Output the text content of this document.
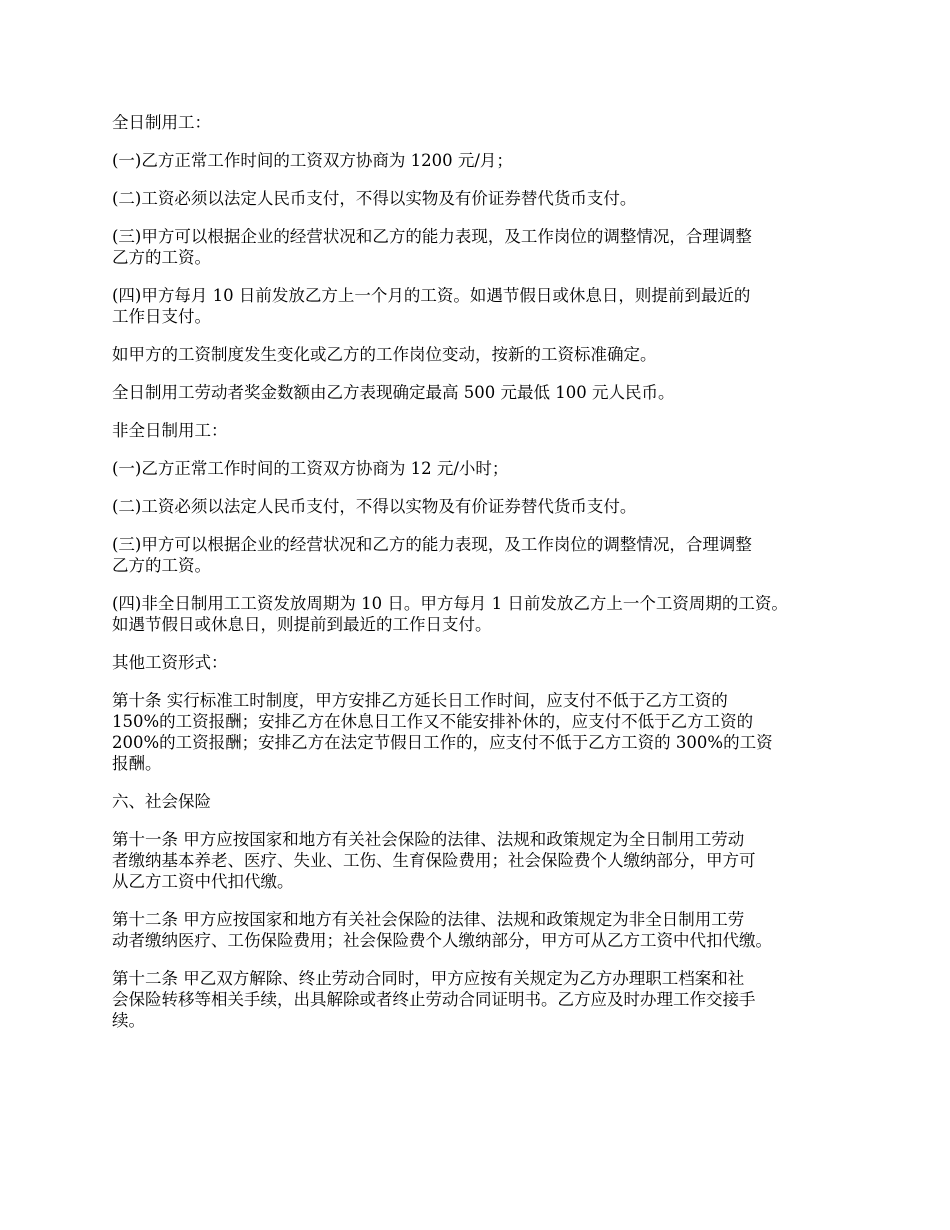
全日制用工：

(一)乙方正常工作时间的工资双方协商为 1200 元/月；

(二)工资必须以法定人民币支付，不得以实物及有价证券替代货币支付。

(三)甲方可以根据企业的经营状况和乙方的能力表现，及工作岗位的调整情况，合理调整
乙方的工资。

(四)甲方每月 10 日前发放乙方上一个月的工资。如遇节假日或休息日，则提前到最近的
工作日支付。

如甲方的工资制度发生变化或乙方的工作岗位变动，按新的工资标准确定。

全日制用工劳动者奖金数额由乙方表现确定最高 500 元最低 100 元人民币。

非全日制用工：

(一)乙方正常工作时间的工资双方协商为 12 元/小时；

(二)工资必须以法定人民币支付，不得以实物及有价证券替代货币支付。

(三)甲方可以根据企业的经营状况和乙方的能力表现，及工作岗位的调整情况，合理调整
乙方的工资。

(四)非全日制用工工资发放周期为 10 日。甲方每月 1 日前发放乙方上一个工资周期的工资。
如遇节假日或休息日，则提前到最近的工作日支付。

其他工资形式：

第十条 实行标准工时制度，甲方安排乙方延长日工作时间，应支付不低于乙方工资的
150%的工资报酬；安排乙方在休息日工作又不能安排补休的，应支付不低于乙方工资的
200%的工资报酬；安排乙方在法定节假日工作的，应支付不低于乙方工资的 300%的工资
报酬。

六、社会保险

第十一条 甲方应按国家和地方有关社会保险的法律、法规和政策规定为全日制用工劳动
者缴纳基本养老、医疗、失业、工伤、生育保险费用；社会保险费个人缴纳部分，甲方可
从乙方工资中代扣代缴。

第十二条 甲方应按国家和地方有关社会保险的法律、法规和政策规定为非全日制用工劳
动者缴纳医疗、工伤保险费用；社会保险费个人缴纳部分，甲方可从乙方工资中代扣代缴。

第十二条 甲乙双方解除、终止劳动合同时，甲方应按有关规定为乙方办理职工档案和社
会保险转移等相关手续，出具解除或者终止劳动合同证明书。乙方应及时办理工作交接手
续。
